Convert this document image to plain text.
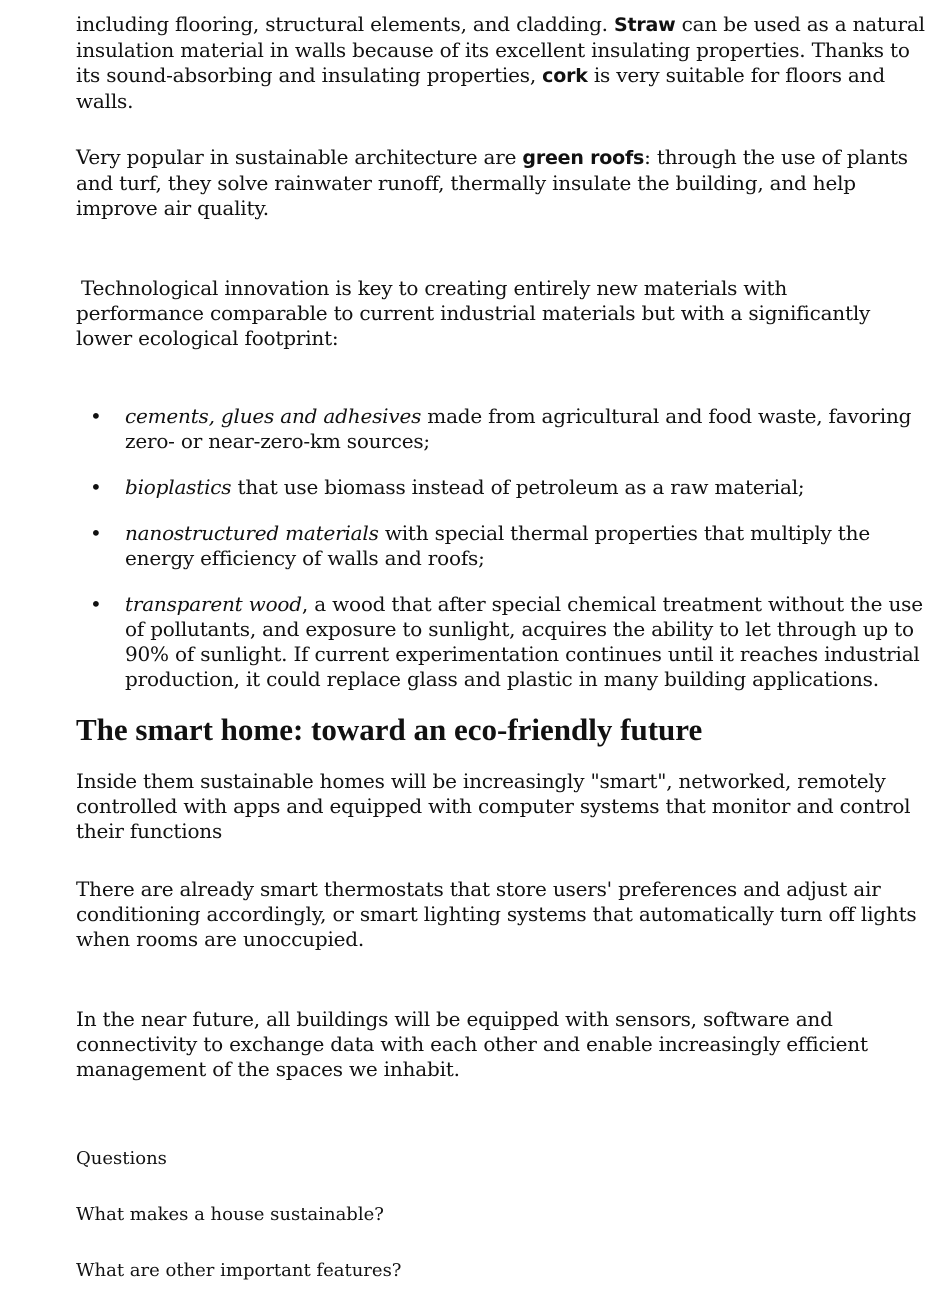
including flooring, structural elements, and cladding. Straw can be used as a natural insulation material in walls because of its excellent insulating properties. Thanks to its sound-absorbing and insulating properties, cork is very suitable for floors and walls.

Very popular in sustainable architecture are green roofs: through the use of plants and turf, they solve rainwater runoff, thermally insulate the building, and help improve air quality.

Technological innovation is key to creating entirely new materials with performance comparable to current industrial materials but with a significantly lower ecological footprint:

• cements, glues and adhesives made from agricultural and food waste, favoring zero- or near-zero-km sources;
• bioplastics that use biomass instead of petroleum as a raw material;
• nanostructured materials with special thermal properties that multiply the energy efficiency of walls and roofs;
• transparent wood, a wood that after special chemical treatment without the use of pollutants, and exposure to sunlight, acquires the ability to let through up to 90% of sunlight. If current experimentation continues until it reaches industrial production, it could replace glass and plastic in many building applications.
The smart home: toward an eco-friendly future

Inside them sustainable homes will be increasingly "smart", networked, remotely controlled with apps and equipped with computer systems that monitor and control their functions

There are already smart thermostats that store users' preferences and adjust air conditioning accordingly, or smart lighting systems that automatically turn off lights when rooms are unoccupied.

In the near future, all buildings will be equipped with sensors, software and connectivity to exchange data with each other and enable increasingly efficient management of the spaces we inhabit.

Questions

What makes a house sustainable?

What are other important features?
